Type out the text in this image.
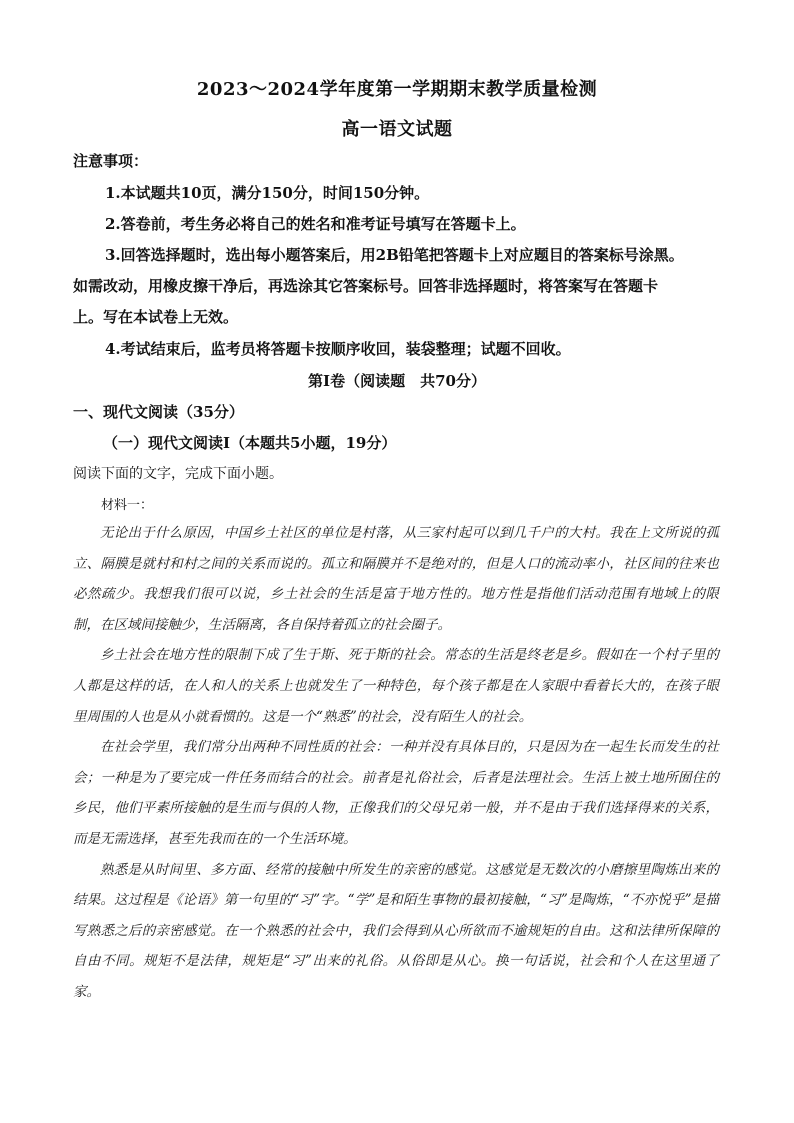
2023～2024学年度第一学期期末教学质量检测
高一语文试题
注意事项：
1.本试题共10页，满分150分，时间150分钟。
2.答卷前，考生务必将自己的姓名和准考证号填写在答题卡上。
3.回答选择题时，选出每小题答案后，用2B铅笔把答题卡上对应题目的答案标号涂黑。
如需改动，用橡皮擦干净后，再选涂其它答案标号。回答非选择题时，将答案写在答题卡
上。写在本试卷上无效。
4.考试结束后，监考员将答题卡按顺序收回，装袋整理；试题不回收。
第Ⅰ卷（阅读题　共70分）
一、现代文阅读（35分）
（一）现代文阅读Ⅰ（本题共5小题，19分）
阅读下面的文字，完成下面小题。
材料一：

无论出于什么原因，中国乡土社区的单位是村落，从三家村起可以到几千户的大村。我在上文所说的孤立、隔膜是就村和村之间的关系而说的。孤立和隔膜并不是绝对的，但是人口的流动率小，社区间的往来也必然疏少。我想我们很可以说，乡土社会的生活是富于地方性的。地方性是指他们活动范围有地域上的限制，在区域间接触少，生活隔离，各自保持着孤立的社会圈子。

乡土社会在地方性的限制下成了生于斯、死于斯的社会。常态的生活是终老是乡。假如在一个村子里的人都是这样的话，在人和人的关系上也就发生了一种特色，每个孩子都是在人家眼中看着长大的，在孩子眼里周围的人也是从小就看惯的。这是一个“熟悉”的社会，没有陌生人的社会。

在社会学里，我们常分出两种不同性质的社会：一种并没有具体目的，只是因为在一起生长而发生的社会；一种是为了要完成一件任务而结合的社会。前者是礼俗社会，后者是法理社会。生活上被土地所囿住的乡民，他们平素所接触的是生而与俱的人物，正像我们的父母兄弟一般，并不是由于我们选择得来的关系，而是无需选择，甚至先我而在的一个生活环境。

熟悉是从时间里、多方面、经常的接触中所发生的亲密的感觉。这感觉是无数次的小磨擦里陶炼出来的结果。这过程是《论语》第一句里的“习”字。“学”是和陌生事物的最初接触，“习”是陶炼，“不亦悦乎”是描写熟悉之后的亲密感觉。在一个熟悉的社会中，我们会得到从心所欲而不逾规矩的自由。这和法律所保障的自由不同。规矩不是法律，规矩是“习”出来的礼俗。从俗即是从心。换一句话说，社会和个人在这里通了家。
